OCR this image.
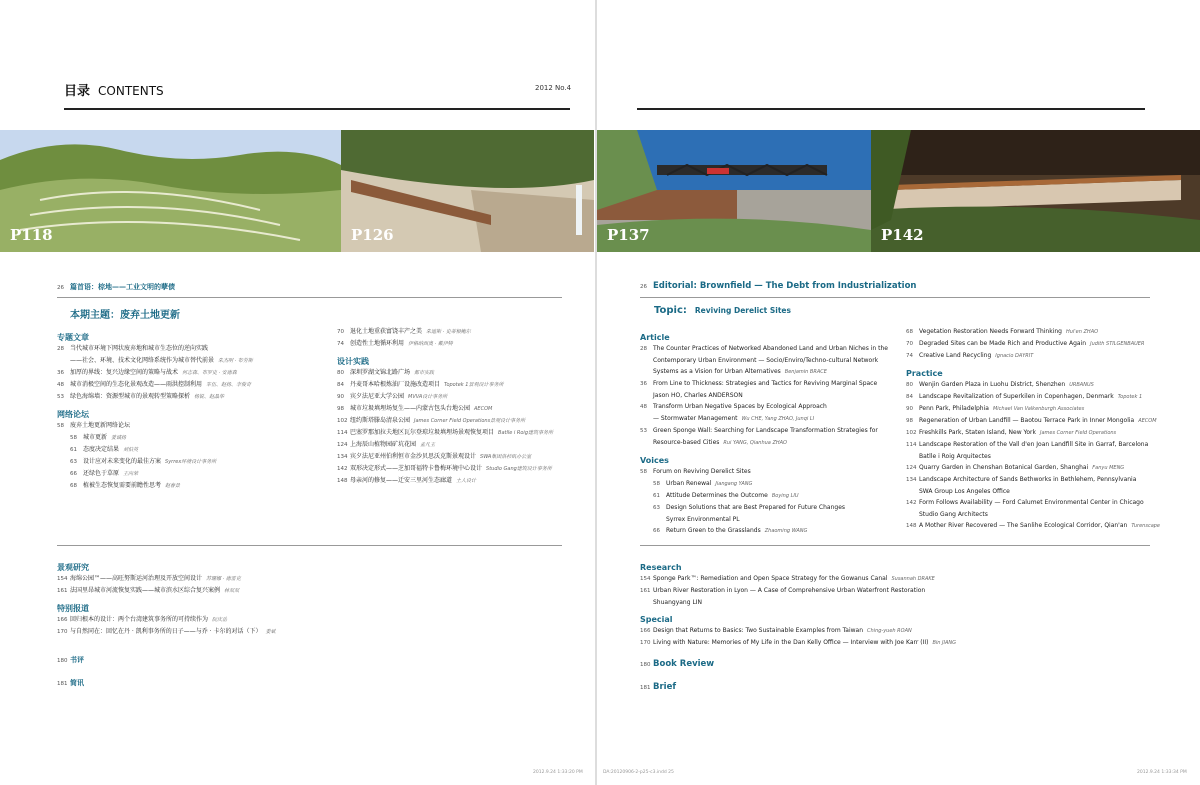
目录 CONTENTS	2012 No.4
P118	P126	P137	P142
26 篇首语：棕地——工业文明的孽债
本期主题：废弃土地更新
专题文章
28 当代城市环境下网状废弃地和城市生态位的逆向实践
——社会、环境、技术文化网络系统作为城市替代前景 朱杰明 · 布劳斯
36 加厚的界线：复兴边缘空间的策略与战术 何志森、布罗史 · 安德森
48 城市消极空间的生态化景观改造——雨洪控制利用 车伍、赵扬、李俊奇
53 绿色海绵墙：资源型城市的景观转型策略探析 杨锐、赵晶华
网络论坛
58 废弃土地更新网络论坛
58 城市更新 姜诚扬
61 态度决定结果 刘伯英
63 设计应对未来变化的最佳方案 Syrrex环境设计事务所
66 还绿色于草原 王向荣
68 植被生态恢复需要前瞻性思考 赵春景
70 退化土地重获富饶丰产之美 朱迪斯 · 史蒂根鲍尔
74 创造性土地循环利用 伊格纳西奥 · 戴伊特
设计实践
80 深圳罗湖文锦北路广场 都市实践
84 丹麦哥本哈根炼油厂设施改造项目 Topotek 1景观设计事务所
90 宾夕法尼亚大学公园 MVVA设计事务所
98 城市垃圾填埋场复生——内蒙古包头台地公园 AECOM
102 纽约斯塔滕岛清泉公园 James Corner Field Operations景观设计事务所
114 巴塞罗那加拉夫地区瓦尔登琼垃圾填埋场景观恢复项目 Batlle i Roig建筑事务所
124 上海辰山植物园矿坑花园 孟凡玉
134 宾夕法尼亚州伯利恒市金沙贝思沃克斯景观设计 SWA集团洛杉矶办公室
142 双形决定形式——芝加哥福特卡鲁梅环境中心设计 Studio Gang建筑设计事务所
148 母亲河的修复——迁安三里河生态廊道 土人设计
景观研究
154 海绵公园™——高旺努斯运河治理及开放空间设计 苏珊娜 · 德雷克
161 法国里昂城市河流恢复实践——城市滨水区综合复兴案例 林双双
特别报道
166 回归根本的设计：两个台湾建筑事务所的可持续作为 阮庆岳
170 与自然同在：回忆在丹 · 凯利事务所的日子——与乔 · 卡尔的对话（下） 姜斌
180 书评
181 简讯
26 Editorial: Brownfield — The Debt from Industrialization
Topic: Reviving Derelict Sites
Article
28 The Counter Practices of Networked Abandoned Land and Urban Niches in the
Contemporary Urban Environment — Socio/Enviro/Techno-cultural Network
Systems as a Vision for Urban Alternatives Benjamin BRACE
36 From Line to Thickness: Strategies and Tactics for Reviving Marginal Space
Jason HO, Charles ANDERSON
48 Transform Urban Negative Spaces by Ecological Approach
— Stormwater Management Wu CHE, Yang ZHAO, Junqi LI
53 Green Sponge Wall: Searching for Landscape Transformation Strategies for
Resource-based Cities Rui YANG, Qianhua ZHAO
Voices
58 Forum on Reviving Derelict Sites
58 Urban Renewal Jiangang YANG
61 Attitude Determines the Outcome Boying LIU
63 Design Solutions that are Best Prepared for Future Changes
Syrrex Environmental PL
66 Return Green to the Grasslands Zhaoming WANG
68 Vegetation Restoration Needs Forward Thinking Hui'en ZHAO
70 Degraded Sites can be Made Rich and Productive Again Judith STILGENBAUER
74 Creative Land Recycling Ignacio DAYRIT
Practice
80 Wenjin Garden Plaza in Luohu District, Shenzhen URBANUS
84 Landscape Revitalization of Superkilen in Copenhagen, Denmark Topotek 1
90 Penn Park, Philadelphia Michael Van Valkenburgh Associates
98 Regeneration of Urban Landfill — Baotou Terrace Park in Inner Mongolia AECOM
102 Freshkills Park, Staten Island, New York James Corner Field Operations
114 Landscape Restoration of the Vall d'en Joan Landfill Site in Garraf, Barcelona
Batlle i Roig Arquitectes
124 Quarry Garden in Chenshan Botanical Garden, Shanghai Fanyu MENG
134 Landscape Architecture of Sands Bethworks in Bethlehem, Pennsylvania
SWA Group Los Angeles Office
142 Form Follows Availability — Ford Calumet Environmental Center in Chicago
Studio Gang Architects
148 A Mother River Recovered — The Sanlihe Ecological Corridor, Qian'an Turenscape
Research
154 Sponge Park™: Remediation and Open Space Strategy for the Gowanus Canal Susannah DRAKE
161 Urban River Restoration in Lyon — A Case of Comprehensive Urban Waterfront Restoration
Shuangyang LIN
Special
166 Design that Returns to Basics: Two Sustainable Examples from Taiwan Ching-yueh ROAN
170 Living with Nature: Memories of My Life in the Dan Kelly Office — Interview with Joe Karr (II) Bin JIANG
180 Book Review
181 Brief
2012.9.24 1:33:20 PM	DA:20120906-2-p25-c3.indd 25	2012.9.24 1:33:34 PM
